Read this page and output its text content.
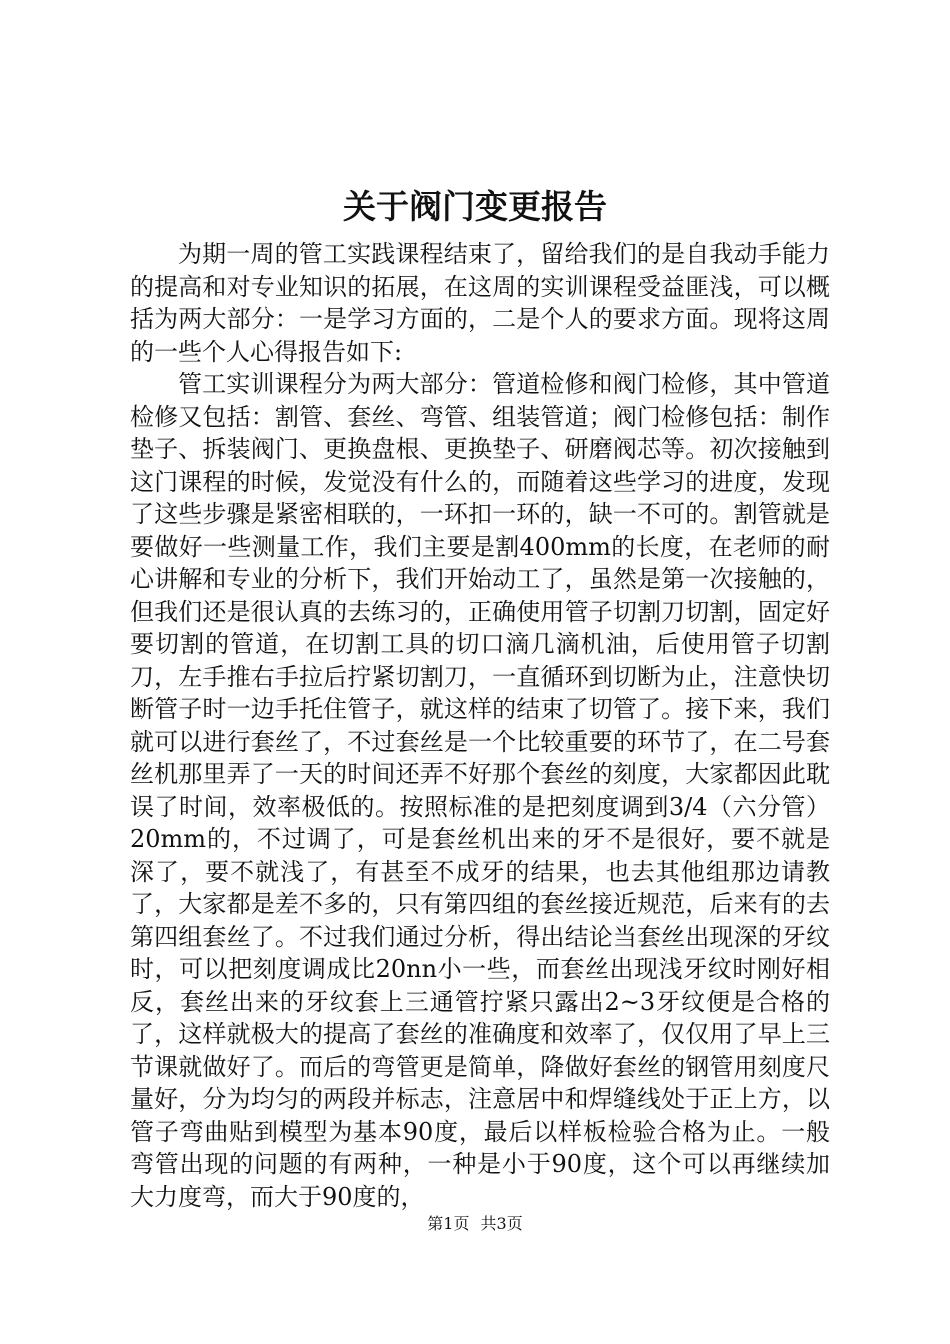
关于阀门变更报告

为期一周的管工实践课程结束了，留给我们的是自我动手能力的提高和对专业知识的拓展，在这周的实训课程受益匪浅，可以概括为两大部分：一是学习方面的，二是个人的要求方面。现将这周的一些个人心得报告如下:

管工实训课程分为两大部分：管道检修和阀门检修，其中管道检修又包括：割管、套丝、弯管、组装管道；阀门检修包括：制作垫子、拆装阀门、更换盘根、更换垫子、研磨阀芯等。初次接触到这门课程的时候，发觉没有什么的，而随着这些学习的进度，发现了这些步骤是紧密相联的，一环扣一环的，缺一不可的。割管就是要做好一些测量工作，我们主要是割400mm的长度，在老师的耐心讲解和专业的分析下，我们开始动工了，虽然是第一次接触的，但我们还是很认真的去练习的，正确使用管子切割刀切割，固定好要切割的管道，在切割工具的切口滴几滴机油，后使用管子切割刀，左手推右手拉后拧紧切割刀，一直循环到切断为止，注意快切断管子时一边手托住管子，就这样的结束了切管了。接下来，我们就可以进行套丝了，不过套丝是一个比较重要的环节了，在二号套丝机那里弄了一天的时间还弄不好那个套丝的刻度，大家都因此耽误了时间，效率极低的。按照标准的是把刻度调到3/4（六分管）20mm的，不过调了，可是套丝机出来的牙不是很好，要不就是深了，要不就浅了，有甚至不成牙的结果，也去其他组那边请教了，大家都是差不多的，只有第四组的套丝接近规范，后来有的去第四组套丝了。不过我们通过分析，得出结论当套丝出现深的牙纹时，可以把刻度调成比20nn小一些，而套丝出现浅牙纹时刚好相反，套丝出来的牙纹套上三通管拧紧只露出2~3牙纹便是合格的了，这样就极大的提高了套丝的准确度和效率了，仅仅用了早上三节课就做好了。而后的弯管更是简单，降做好套丝的钢管用刻度尺量好，分为均匀的两段并标志，注意居中和焊缝线处于正上方，以管子弯曲贴到模型为基本90度，最后以样板检验合格为止。一般弯管出现的问题的有两种，一种是小于90度，这个可以再继续加大力度弯，而大于90度的，

第1页 共3页
